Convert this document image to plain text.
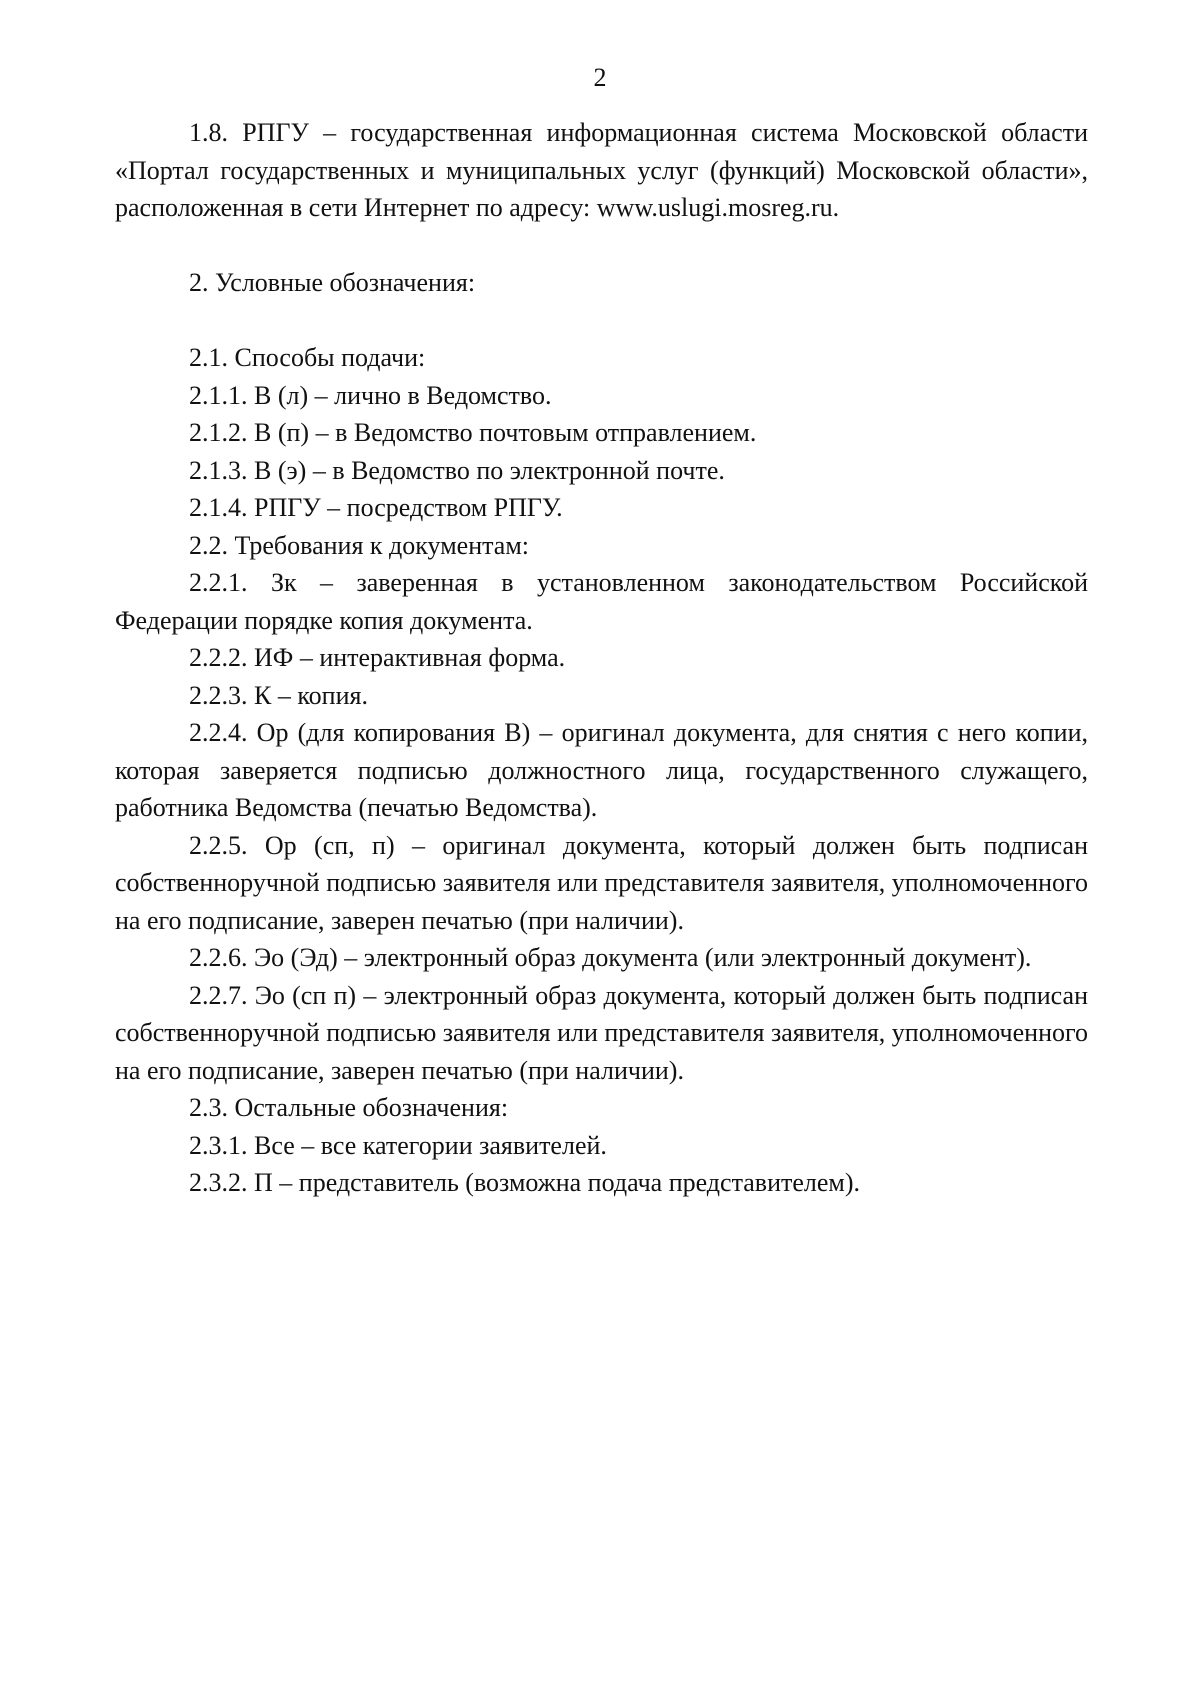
2

1.8. РПГУ – государственная информационная система Московской области «Портал государственных и муниципальных услуг (функций) Московской области», расположенная в сети Интернет по адресу: www.uslugi.mosreg.ru.

2. Условные обозначения:

2.1. Способы подачи:

2.1.1. В (л) – лично в Ведомство.

2.1.2. В (п) – в Ведомство почтовым отправлением.

2.1.3. В (э) – в Ведомство по электронной почте.

2.1.4. РПГУ – посредством РПГУ.

2.2. Требования к документам:

2.2.1. Зк – заверенная в установленном законодательством Российской Федерации порядке копия документа.

2.2.2. ИФ – интерактивная форма.

2.2.3. К – копия.

2.2.4. Ор (для копирования В) – оригинал документа, для снятия с него копии, которая заверяется подписью должностного лица, государственного служащего, работника Ведомства (печатью Ведомства).

2.2.5. Ор (сп, п) – оригинал документа, который должен быть подписан собственноручной подписью заявителя или представителя заявителя, уполномоченного на его подписание, заверен печатью (при наличии).

2.2.6. Эо (Эд) – электронный образ документа (или электронный документ).

2.2.7. Эо (сп п) – электронный образ документа, который должен быть подписан собственноручной подписью заявителя или представителя заявителя, уполномоченного на его подписание, заверен печатью (при наличии).

2.3. Остальные обозначения:

2.3.1. Все – все категории заявителей.

2.3.2. П – представитель (возможна подача представителем).
